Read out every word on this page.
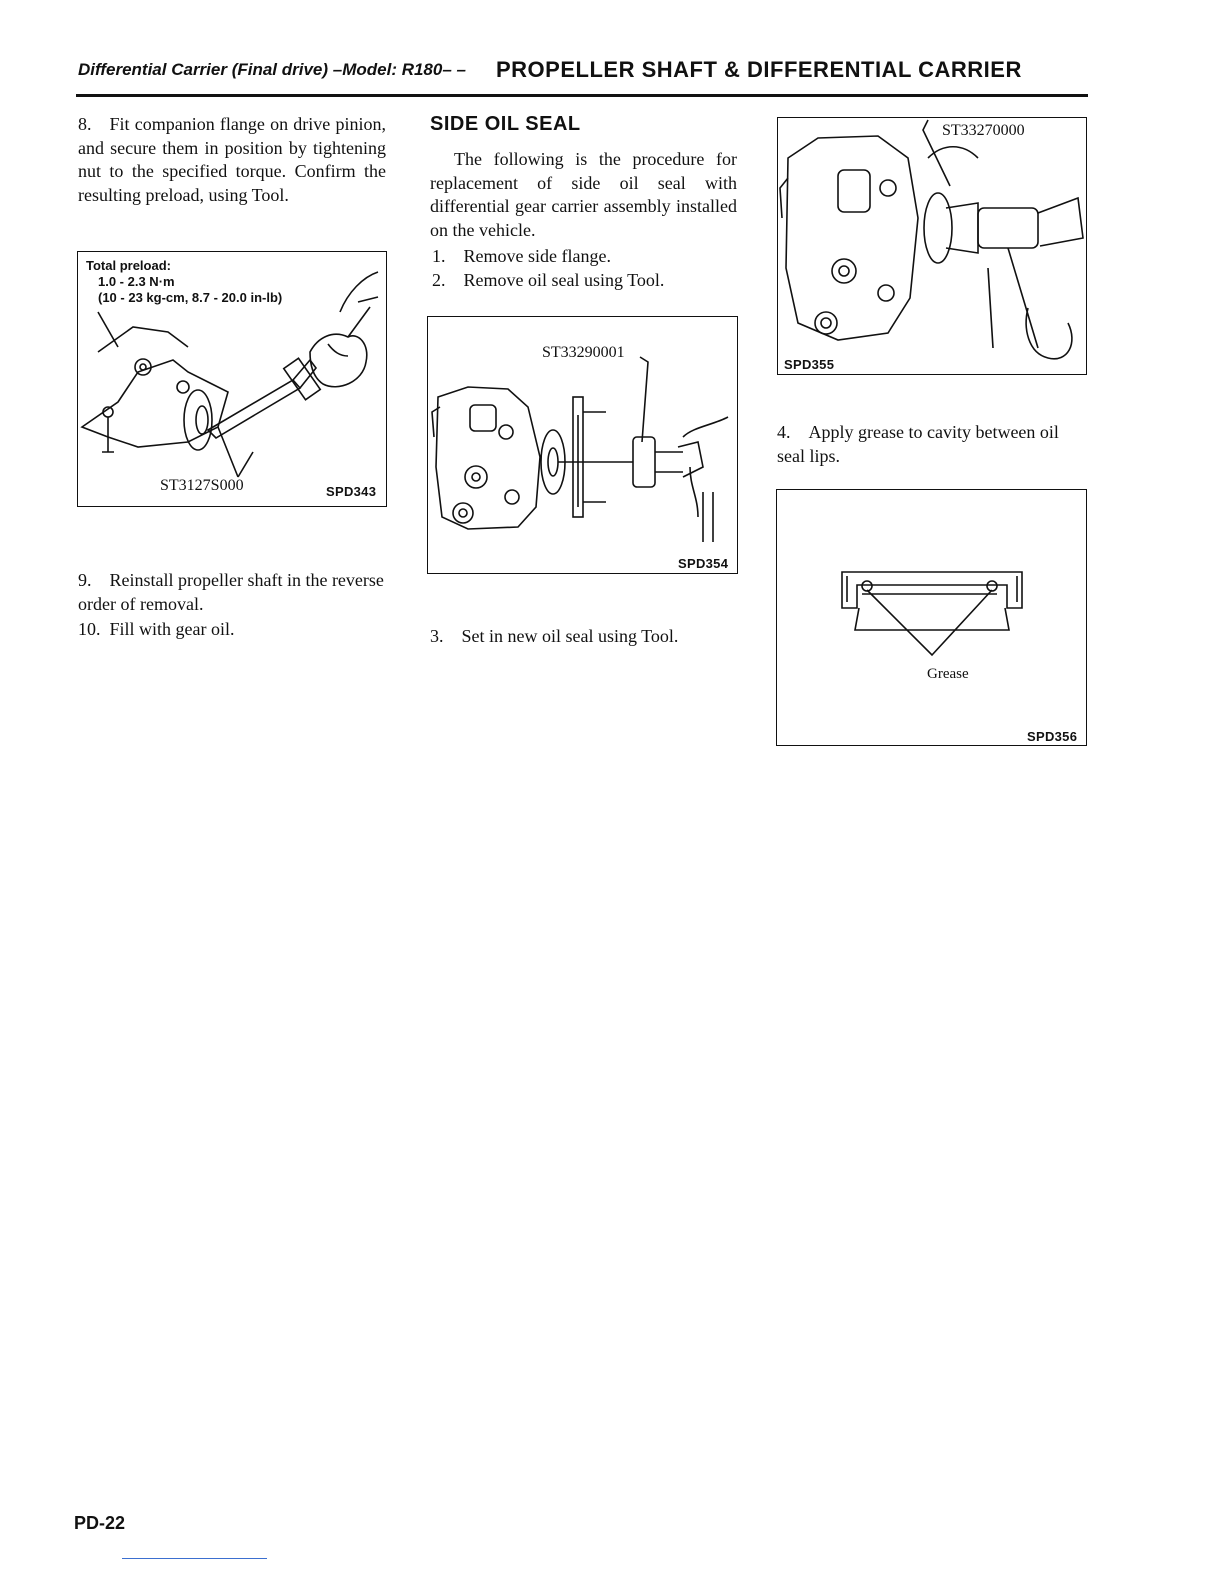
Differential Carrier (Final drive) –Model: R180– – PROPELLER SHAFT & DIFFERENTIAL CARRIER
8. Fit companion flange on drive pinion, and secure them in position by tightening nut to the specified torque. Confirm the resulting preload, using Tool.
Total preload:
1.0 - 2.3 N·m
(10 - 23 kg-cm, 8.7 - 20.0 in-lb)
ST3127S000	SPD343
9. Reinstall propeller shaft in the reverse order of removal.
10. Fill with gear oil.
SIDE OIL SEAL
The following is the procedure for replacement of side oil seal with differential gear carrier assembly installed on the vehicle.
1. Remove side flange.
2. Remove oil seal using Tool.
ST33290001
SPD354
3. Set in new oil seal using Tool.
ST33270000
SPD355
4. Apply grease to cavity between oil seal lips.
Grease
SPD356
PD-22
